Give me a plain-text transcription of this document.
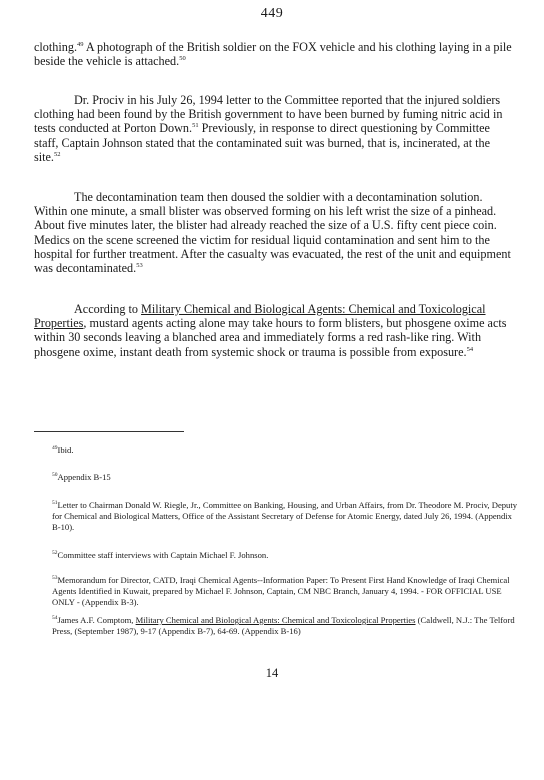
449

clothing.$^{49}$ A photograph of the British soldier on the FOX vehicle and his clothing laying in a pile beside the vehicle is attached.$^{50}$

Dr. Prociv in his July 26, 1994 letter to the Committee reported that the injured soldiers clothing had been found by the British government to have been burned by fuming nitric acid in tests conducted at Porton Down.$^{51}$ Previously, in response to direct questioning by Committee staff, Captain Johnson stated that the contaminated suit was burned, that is, incinerated, at the site.$^{52}$

The decontamination team then doused the soldier with a decontamination solution. Within one minute, a small blister was observed forming on his left wrist the size of a pinhead. About five minutes later, the blister had already reached the size of a U.S. fifty cent piece coin. Medics on the scene screened the victim for residual liquid contamination and sent him to the hospital for further treatment. After the casualty was evacuated, the rest of the unit and equipment was decontaminated.$^{53}$

According to Military Chemical and Biological Agents: Chemical and Toxicological Properties, mustard agents acting alone may take hours to form blisters, but phosgene oxime acts within 30 seconds leaving a blanched area and immediately forms a red rash-like ring. With phosgene oxime, instant death from systemic shock or trauma is possible from exposure.$^{54}$

$^{49}$Ibid.
$^{50}$Appendix B-15
$^{51}$Letter to Chairman Donald W. Riegle, Jr., Committee on Banking, Housing, and Urban Affairs, from Dr. Theodore M. Prociv, Deputy for Chemical and Biological Matters, Office of the Assistant Secretary of Defense for Atomic Energy, dated July 26, 1994. (Appendix B-10).
$^{52}$Committee staff interviews with Captain Michael F. Johnson.
$^{53}$Memorandum for Director, CATD, Iraqi Chemical Agents--Information Paper: To Present First Hand Knowledge of Iraqi Chemical Agents Identified in Kuwait, prepared by Michael F. Johnson, Captain, CM NBC Branch, January 4, 1994. - FOR OFFICIAL USE ONLY - (Appendix B-3).
$^{54}$James A.F. Comptom, Military Chemical and Biological Agents: Chemical and Toxicological Properties (Caldwell, N.J.: The Telford Press, (September 1987), 9-17 (Appendix B-7), 64-69. (Appendix B-16)
14
